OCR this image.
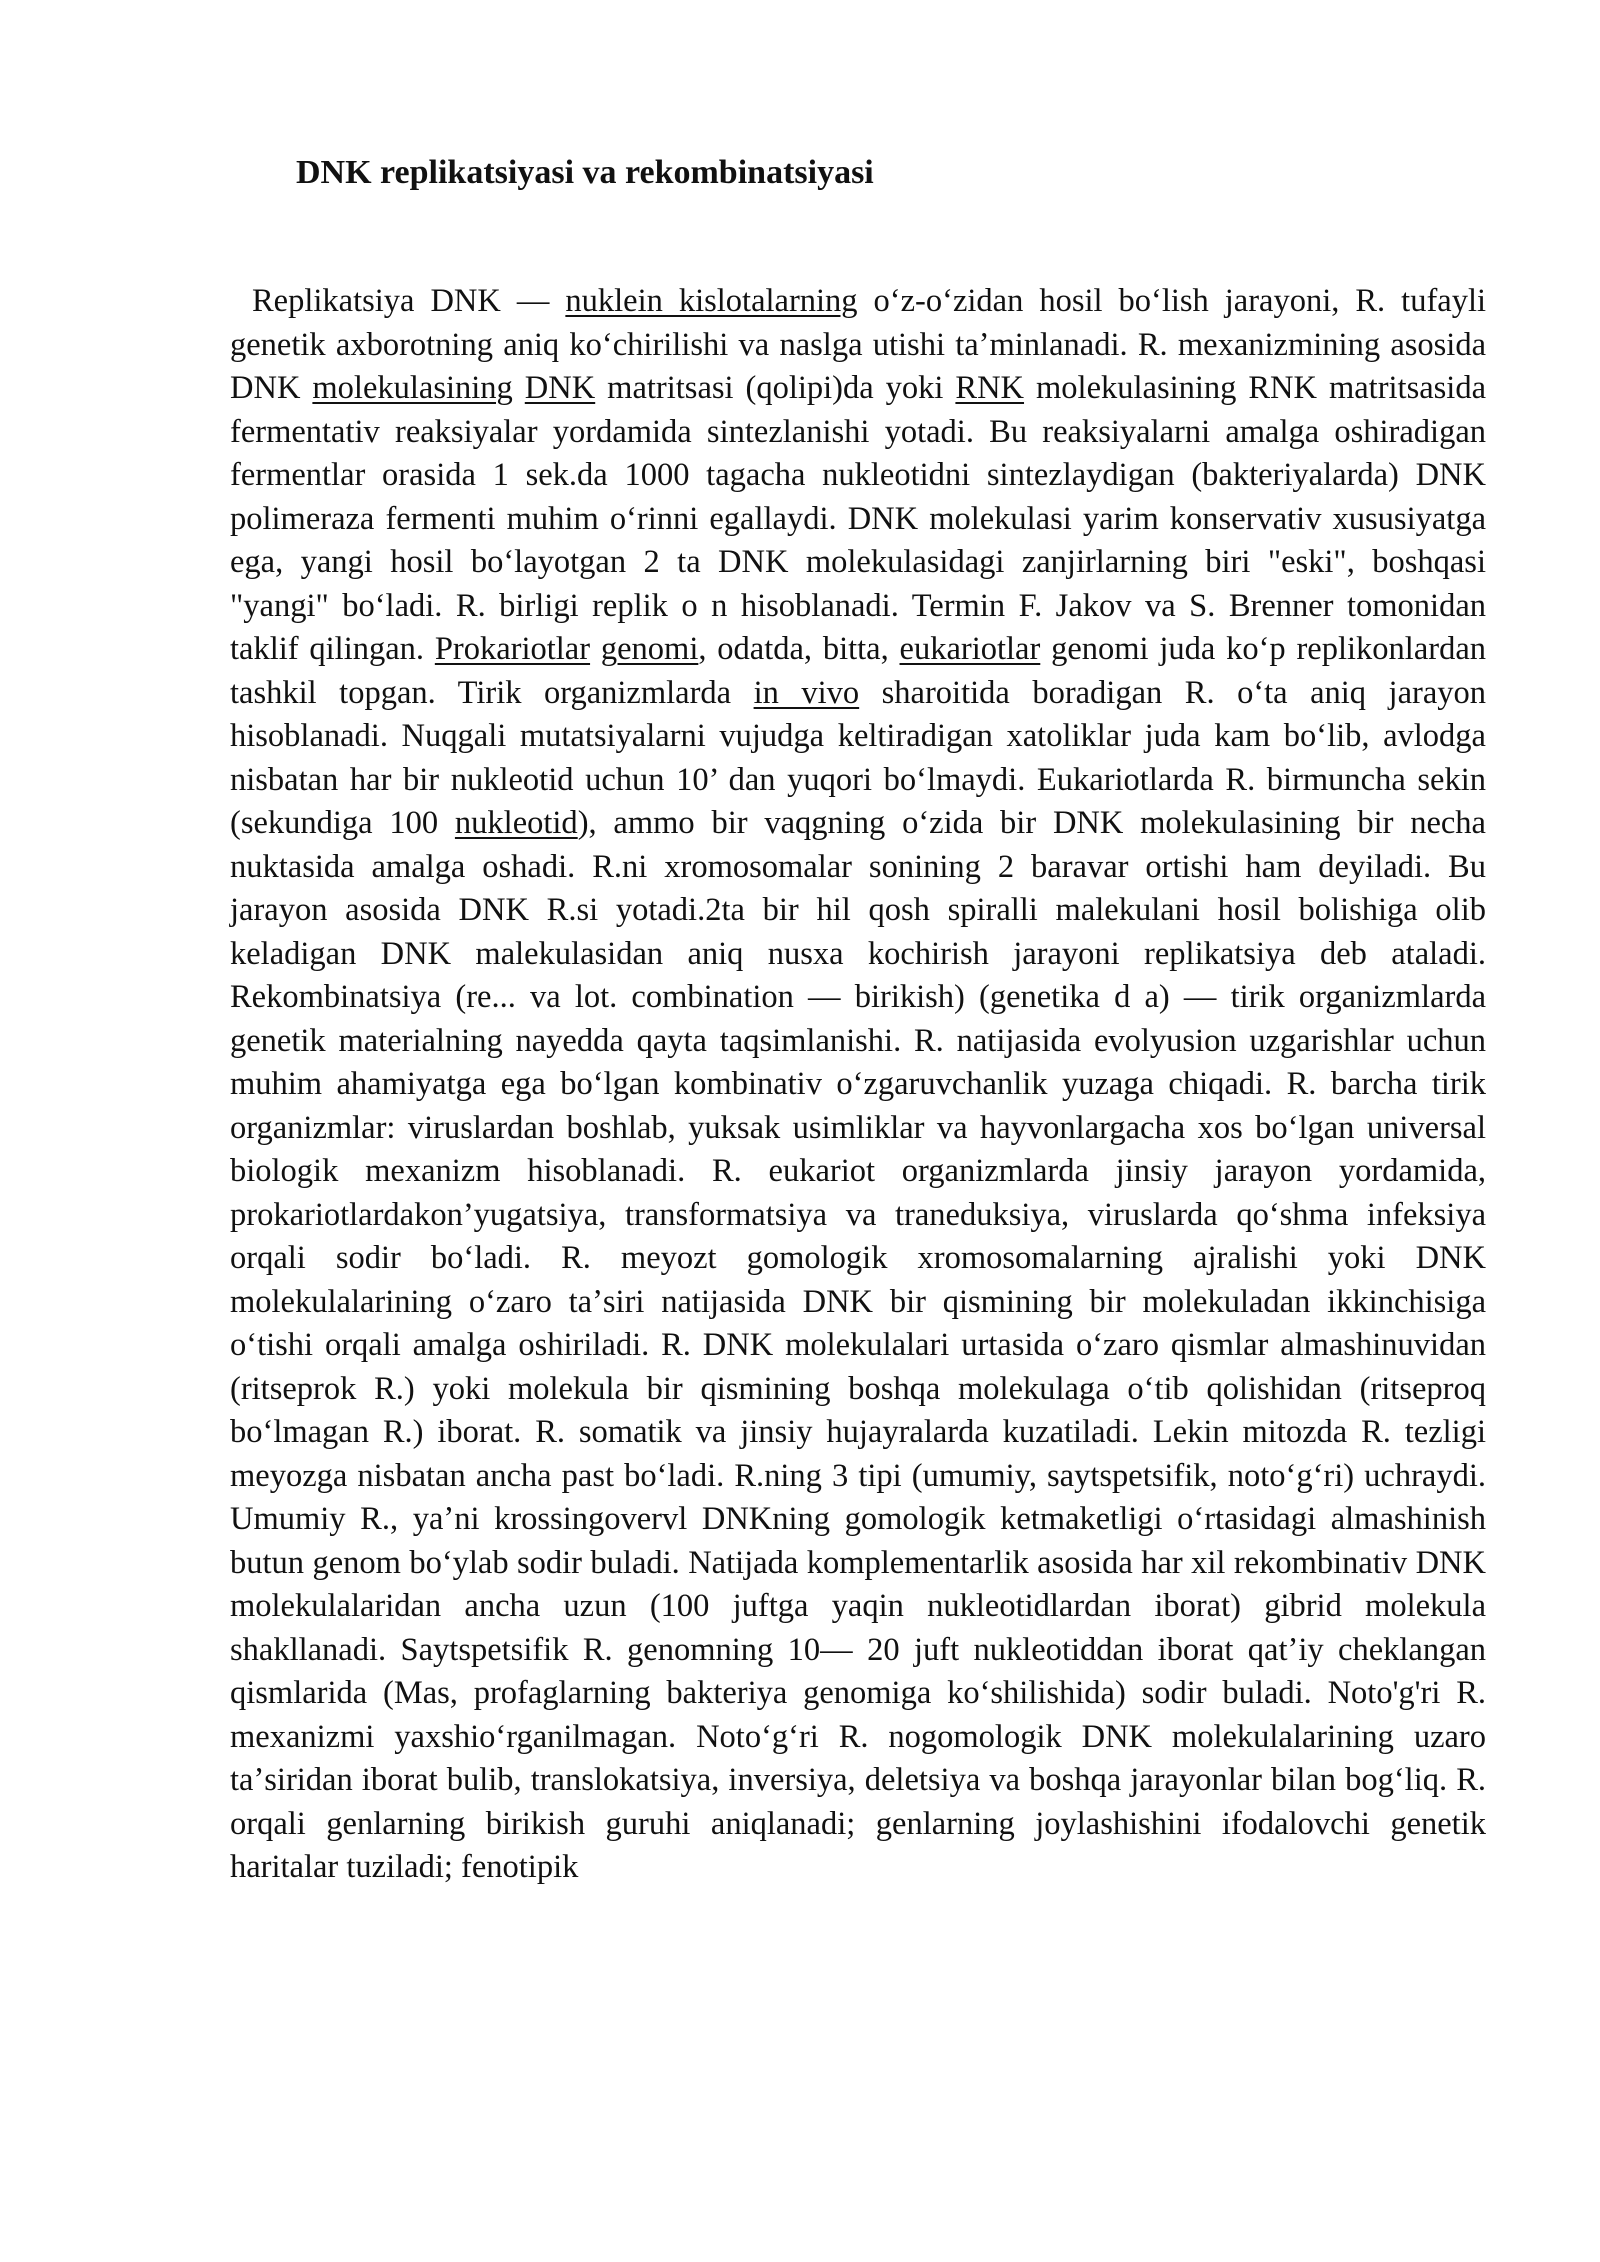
DNK replikatsiyasi va rekombinatsiyasi

Replikatsiya DNK — nuklein kislotalarning oʻz-oʻzidan hosil boʻlish jarayoni, R. tufayli genetik axborotning aniq koʻchirilishi va naslga utishi taʼminlanadi. R. mexanizmining asosida DNK molekulasining DNK matritsasi (qolipi)da yoki RNK molekulasining RNK matritsasida fermentativ reaksiyalar yordamida sintezlanishi yotadi. Bu reaksiyalarni amalga oshiradigan fermentlar orasida 1 sek.da 1000 tagacha nukleotidni sintezlaydigan (bakteriyalarda) DNK polimeraza fermenti muhim oʻrinni egallaydi. DNK molekulasi yarim konservativ xususiyatga ega, yangi hosil boʻlayotgan 2 ta DNK molekulasidagi zanjirlarning biri "eski", boshqasi "yangi" boʻladi. R. birligi replik o n hisoblanadi. Termin F. Jakov va S. Brenner tomonidan taklif qilingan. Prokariotlar genomi, odatda, bitta, eukariotlar genomi juda koʻp replikonlardan tashkil topgan. Tirik organizmlarda in vivo sharoitida boradigan R. oʻta aniq jarayon hisoblanadi. Nuqgali mutatsiyalarni vujudga keltiradigan xatoliklar juda kam boʻlib, avlodga nisbatan har bir nukleotid uchun 10’ dan yuqori boʻlmaydi. Eukariotlarda R. birmuncha sekin (sekundiga 100 nukleotid), ammo bir vaqgning oʻzida bir DNK molekulasining bir necha nuktasida amalga oshadi. R.ni xromosomalar sonining 2 baravar ortishi ham deyiladi. Bu jarayon asosida DNK R.si yotadi.2ta bir hil qosh spiralli malekulani hosil bolishiga olib keladigan DNK malekulasidan aniq nusxa kochirish jarayoni replikatsiya deb ataladi. Rekombinatsiya (re... va lot. combination — birikish) (genetika d a) — tirik organizmlarda genetik materialning nayedda qayta taqsimlanishi. R. natijasida evolyusion uzgarishlar uchun muhim ahamiyatga ega boʻlgan kombinativ oʻzgaruvchanlik yuzaga chiqadi. R. barcha tirik organizmlar: viruslardan boshlab, yuksak usimliklar va hayvonlargacha xos boʻlgan universal biologik mexanizm hisoblanadi. R. eukariot organizmlarda jinsiy jarayon yordamida, prokariotlardakon’yugatsiya, transformatsiya va traneduksiya, viruslarda qoʻshma infeksiya orqali sodir boʻladi. R. meyozt gomologik xromosomalarning ajralishi yoki DNK molekulalarining oʻzaro taʼsiri natijasida DNK bir qismining bir molekuladan ikkinchisiga oʻtishi orqali amalga oshiriladi. R. DNK molekulalari urtasida oʻzaro qismlar almashinuvidan (ritseprok R.) yoki molekula bir qismining boshqa molekulaga oʻtib qolishidan (ritseproq boʻlmagan R.) iborat. R. somatik va jinsiy hujayralarda kuzatiladi. Lekin mitozda R. tezligi meyozga nisbatan ancha past boʻladi. R.ning 3 tipi (umumiy, saytspetsifik, notoʻgʻri) uchraydi. Umumiy R., yaʼni krossingovervl DNKning gomologik ketmaketligi oʻrtasidagi almashinish butun genom boʻylab sodir buladi. Natijada komplementarlik asosida har xil rekombinativ DNK molekulalaridan ancha uzun (100 juftga yaqin nukleotidlardan iborat) gibrid molekula shakllanadi. Saytspetsifik R. genomning 10— 20 juft nukleotiddan iborat qatʼiy cheklangan qismlarida (Mas, profaglarning bakteriya genomiga koʻshilishida) sodir buladi. Noto'g'ri R. mexanizmi yaxshioʻrganilmagan. Notoʻgʻri R. nogomologik DNK molekulalarining uzaro taʼsiridan iborat bulib, translokatsiya, inversiya, deletsiya va boshqa jarayonlar bilan bogʻliq. R. orqali genlarning birikish guruhi aniqlanadi; genlarning joylashishini ifodalovchi genetik haritalar tuziladi; fenotipik
